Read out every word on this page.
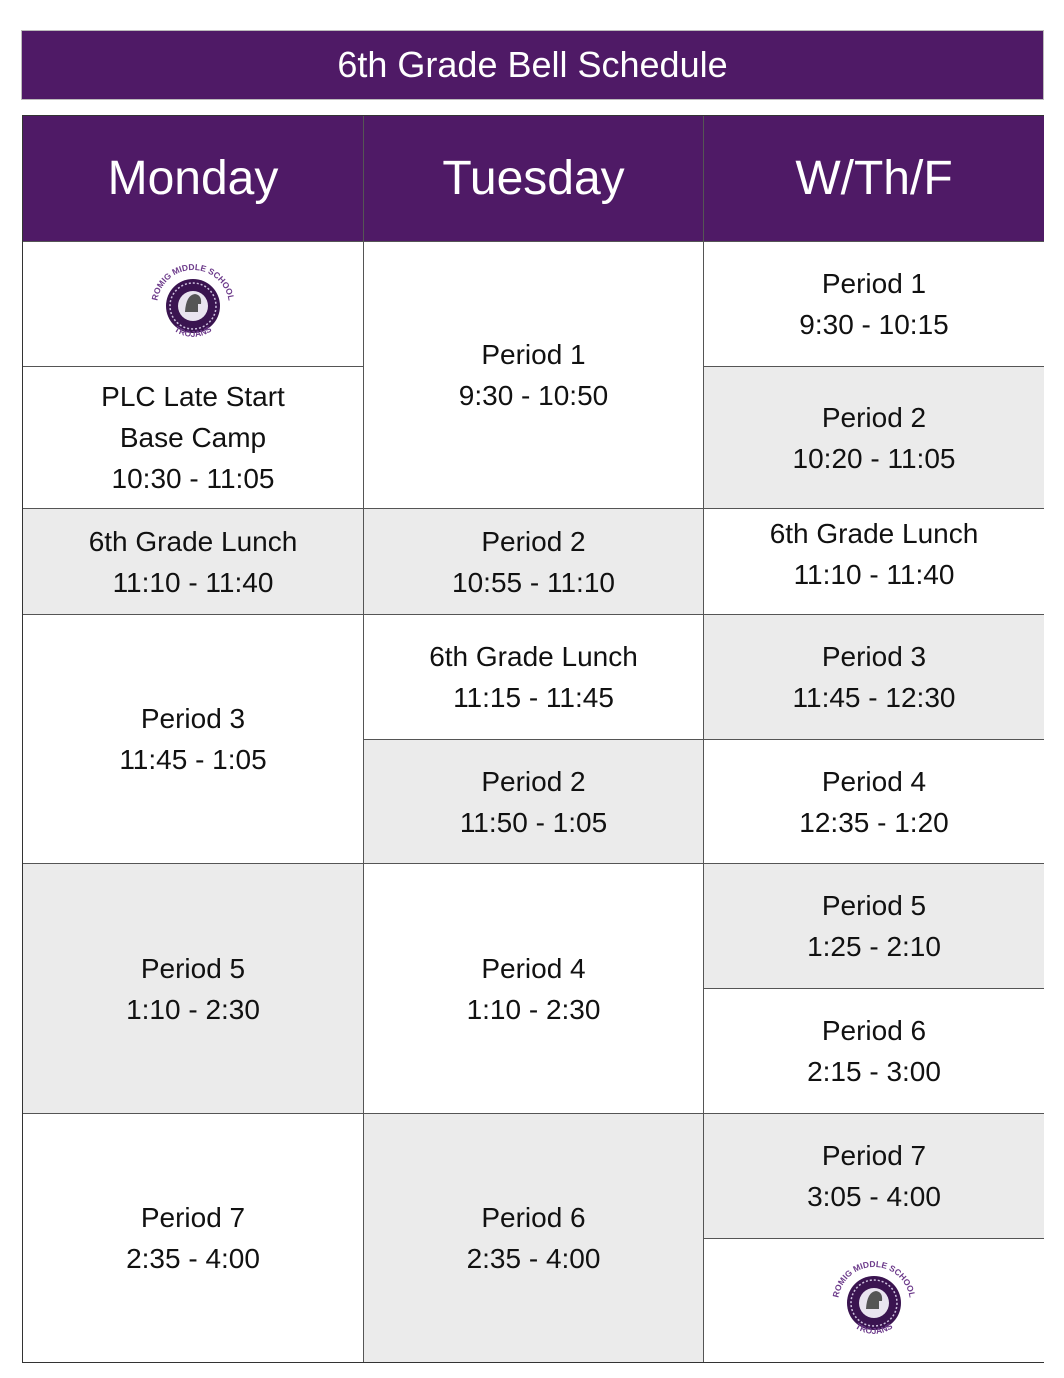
6th Grade Bell Schedule
Monday	Tuesday	W/Th/F
ROMIG MIDDLE SCHOOL
TROJANS
PLC Late Start
Base Camp
10:30 - 11:05
6th Grade Lunch
11:10 - 11:40
Period 3
11:45 - 1:05
Period 5
1:10 - 2:30
Period 7
2:35 - 4:00
Period 1
9:30 - 10:50
Period 2
10:55 - 11:10
6th Grade Lunch
11:15 - 11:45
Period 2
11:50 - 1:05
Period 4
1:10 - 2:30
Period 6
2:35 - 4:00
Period 1
9:30 - 10:15
Period 2
10:20 - 11:05
6th Grade Lunch
11:10 - 11:40
Period 3
11:45 - 12:30
Period 4
12:35 - 1:20
Period 5
1:25 - 2:10
Period 6
2:15 - 3:00
Period 7
3:05 - 4:00
ROMIG MIDDLE SCHOOL
TROJANS
